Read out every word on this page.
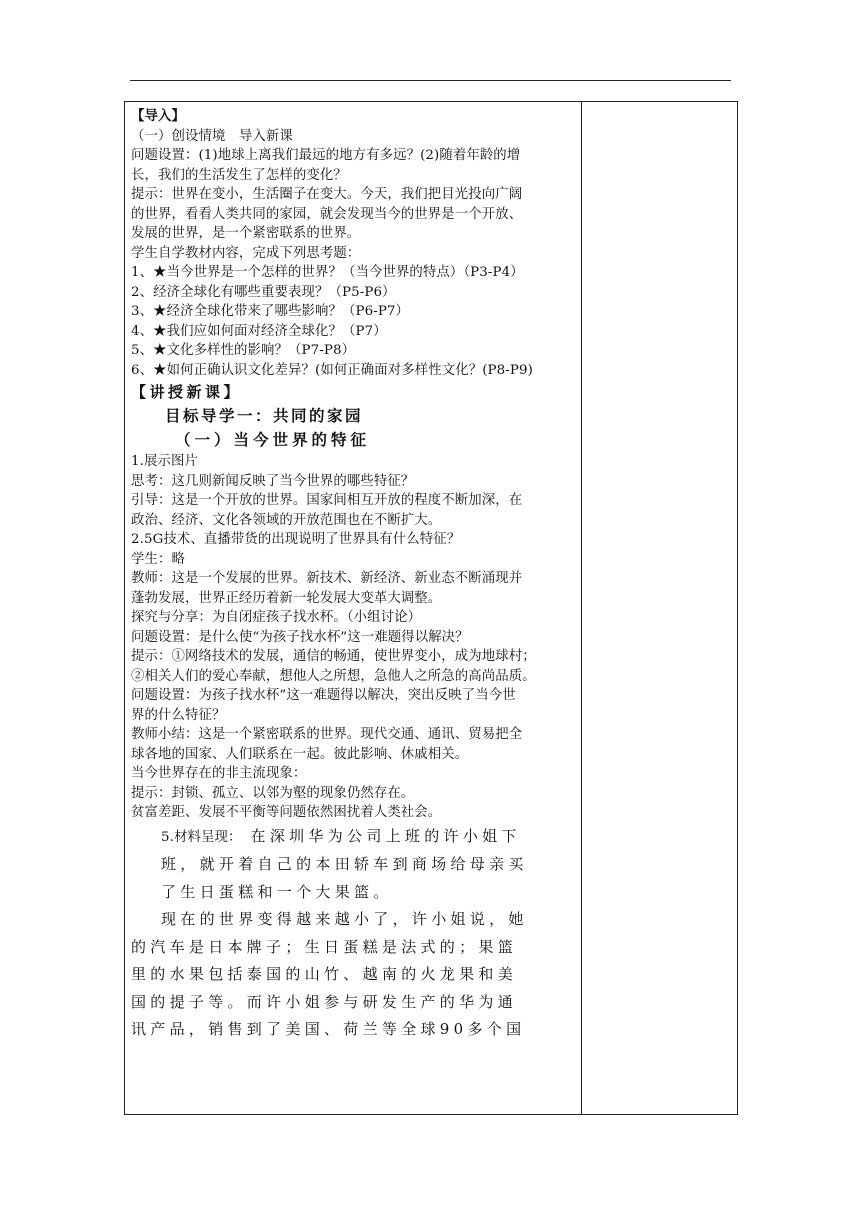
【导入】
（一）创设情境　导入新课
问题设置：(1)地球上离我们最远的地方有多远？(2)随着年龄的增
长，我们的生活发生了怎样的变化？
提示：世界在变小，生活圈子在变大。今天，我们把目光投向广阔
的世界，看看人类共同的家园，就会发现当今的世界是一个开放、
发展的世界，是一个紧密联系的世界。
学生自学教材内容，完成下列思考题：
1、★当今世界是一个怎样的世界？（当今世界的特点）（P3-P4）
2、经济全球化有哪些重要表现？（P5-P6）
3、★经济全球化带来了哪些影响？（P6-P7）
4、★我们应如何面对经济全球化？（P7）
5、★文化多样性的影响？（P7-P8）
6、★如何正确认识文化差异？(如何正确面对多样性文化？(P8-P9)
【讲授新课】
目标导学一：共同的家园
（一）当今世界的特征
1.展示图片
思考：这几则新闻反映了当今世界的哪些特征？
引导：这是一个开放的世界。国家间相互开放的程度不断加深，在
政治、经济、文化各领域的开放范围也在不断扩大。
2.5G技术、直播带货的出现说明了世界具有什么特征？
学生：略
教师：这是一个发展的世界。新技术、新经济、新业态不断涌现并
蓬勃发展，世界正经历着新一轮发展大变革大调整。
探究与分享：为自闭症孩子找水杯。（小组讨论）
问题设置：是什么使“为孩子找水杯”这一难题得以解决？
提示：①网络技术的发展，通信的畅通，使世界变小，成为地球村；
②相关人们的爱心奉献，想他人之所想，急他人之所急的高尚品质。
问题设置：为孩子找水杯”这一难题得以解决，突出反映了当今世
界的什么特征？
教师小结：这是一个紧密联系的世界。现代交通、通讯、贸易把全
球各地的国家、人们联系在一起。彼此影响、休戚相关。
当今世界存在的非主流现象：
提示：封锁、孤立、以邻为壑的现象仍然存在。
贫富差距、发展不平衡等问题依然困扰着人类社会。
5.材料呈现： 在深圳华为公司上班的许小姐下
班，就开着自己的本田轿车到商场给母亲买
了生日蛋糕和一个大果篮。
现在的世界变得越来越小了，许小姐说，她
的汽车是日本牌子；生日蛋糕是法式的；果篮
里的水果包括泰国的山竹、越南的火龙果和美
国的提子等。而许小姐参与研发生产的华为通
讯产品，销售到了美国、荷兰等全球90多个国
